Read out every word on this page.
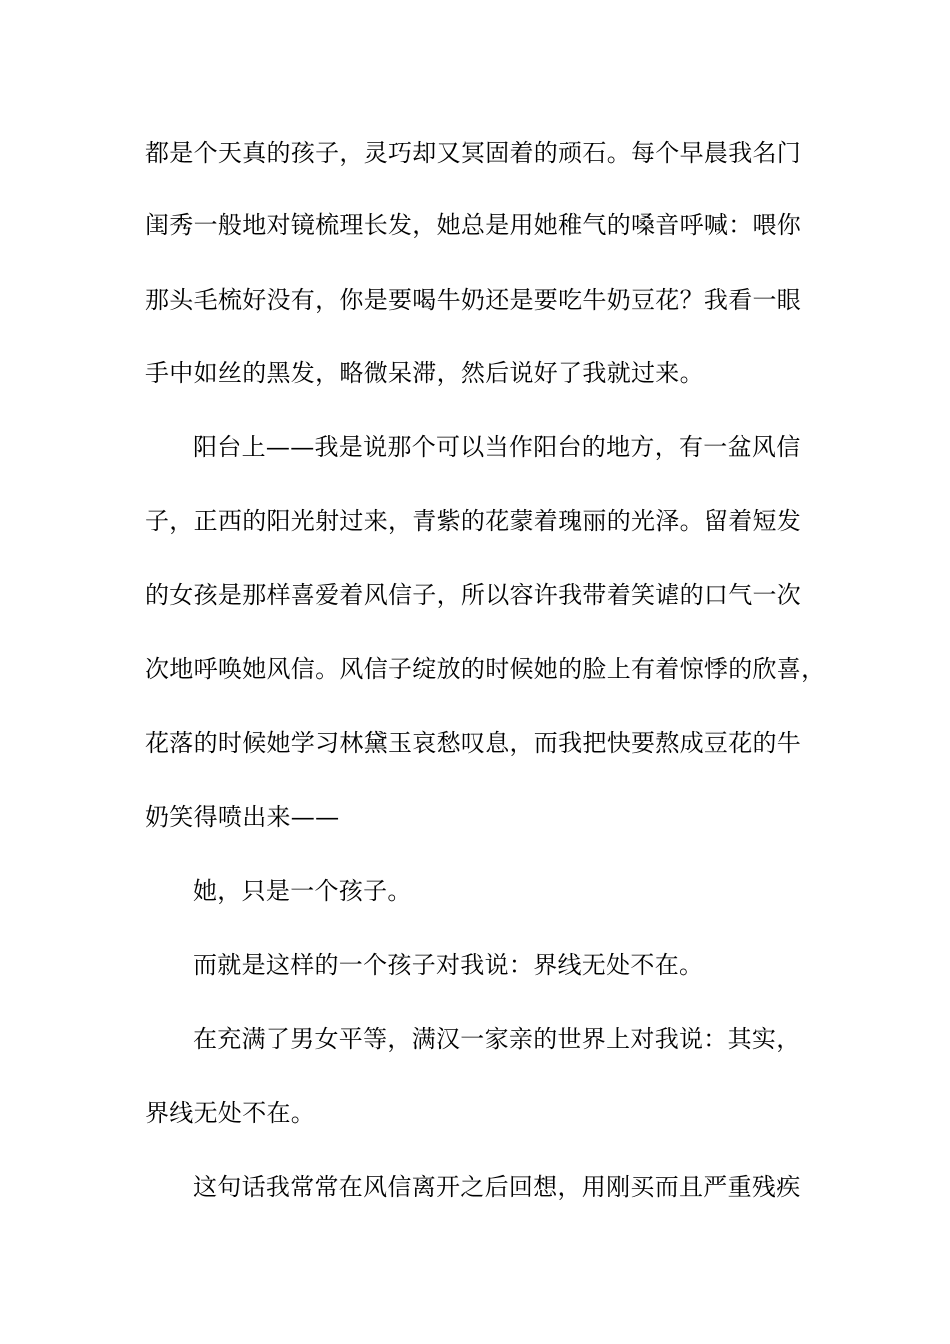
都是个天真的孩子，灵巧却又冥固着的顽石。每个早晨我名门
闺秀一般地对镜梳理长发，她总是用她稚气的嗓音呼喊：喂你
那头毛梳好没有，你是要喝牛奶还是要吃牛奶豆花？我看一眼
手中如丝的黑发，略微呆滞，然后说好了我就过来。
阳台上——我是说那个可以当作阳台的地方，有一盆风信
子，正西的阳光射过来，青紫的花蒙着瑰丽的光泽。留着短发
的女孩是那样喜爱着风信子，所以容许我带着笑谑的口气一次
次地呼唤她风信。风信子绽放的时候她的脸上有着惊悸的欣喜，
花落的时候她学习林黛玉哀愁叹息，而我把快要熬成豆花的牛
奶笑得喷出来——
她，只是一个孩子。
而就是这样的一个孩子对我说：界线无处不在。
在充满了男女平等，满汉一家亲的世界上对我说：其实，
界线无处不在。
这句话我常常在风信离开之后回想，用刚买而且严重残疾
